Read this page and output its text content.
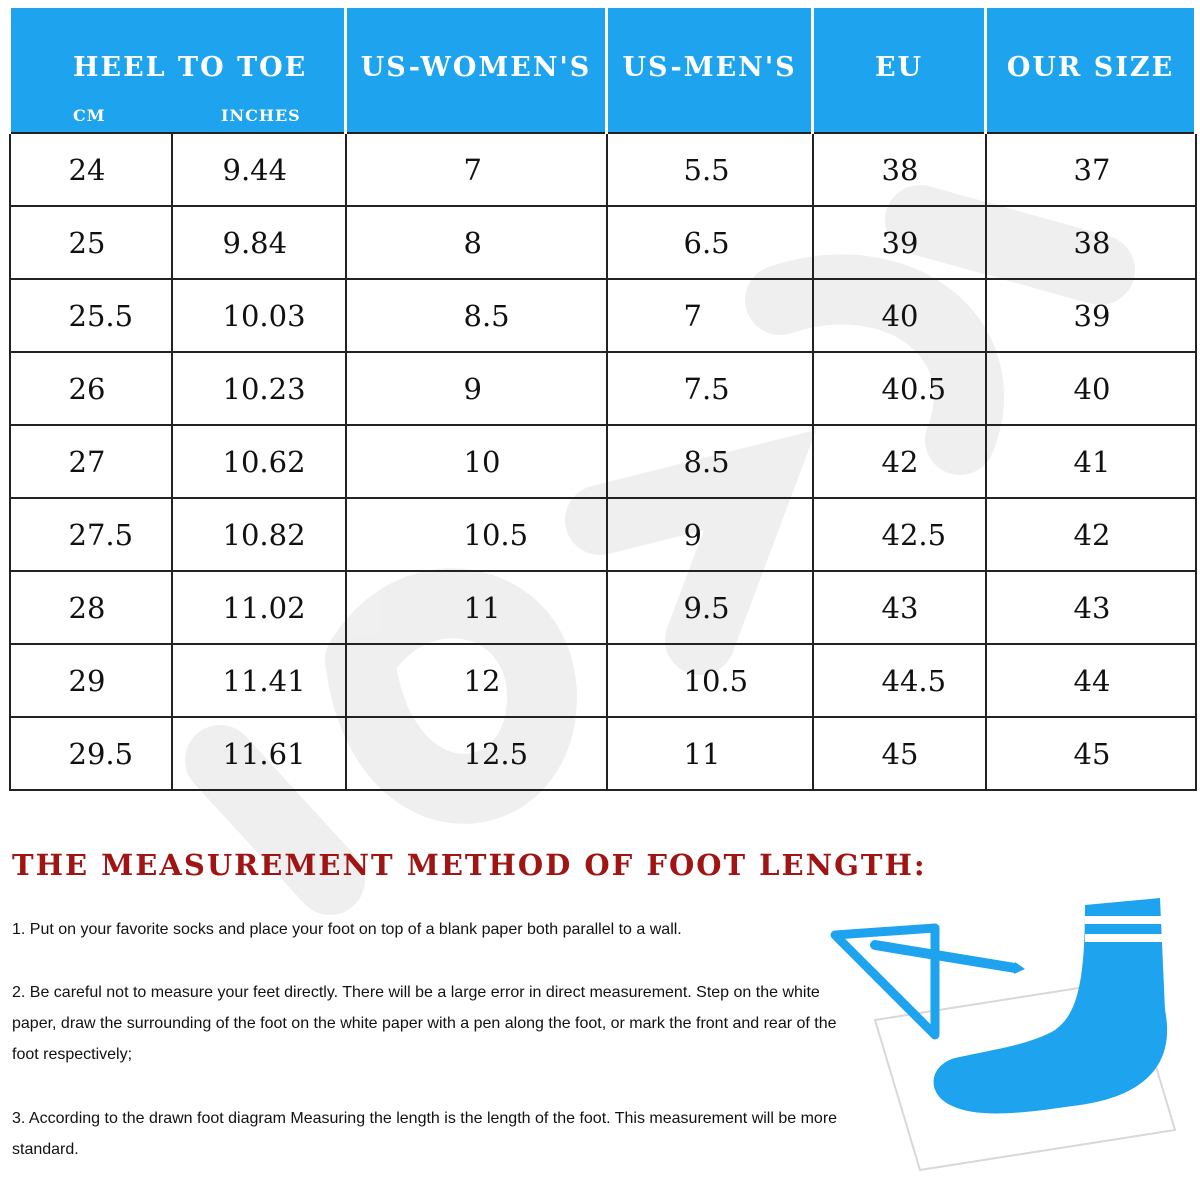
HEEL TO TOE
CM INCHES		US-WOMEN'S	US-MEN'S	EU	OUR SIZE

24	9.44	7	5.5	38	37
25	9.84	8	6.5	39	38
25.5	10.03	8.5	7	40	39
26	10.23	9	7.5	40.5	40
27	10.62	10	8.5	42	41
27.5	10.82	10.5	9	42.5	42
28	11.02	11	9.5	43	43
29	11.41	12	10.5	44.5	44
29.5	11.61	12.5	11	45	45
THE MEASUREMENT METHOD OF FOOT LENGTH:

1. Put on your favorite socks and place your foot on top of a blank paper both parallel to a wall.

2. Be careful not to measure your feet directly. There will be a large error in direct measurement. Step on the white paper, draw the surrounding of the foot on the white paper with a pen along the foot, or mark the front and rear of the foot respectively;

3. According to the drawn foot diagram Measuring the length is the length of the foot. This measurement will be more standard.
